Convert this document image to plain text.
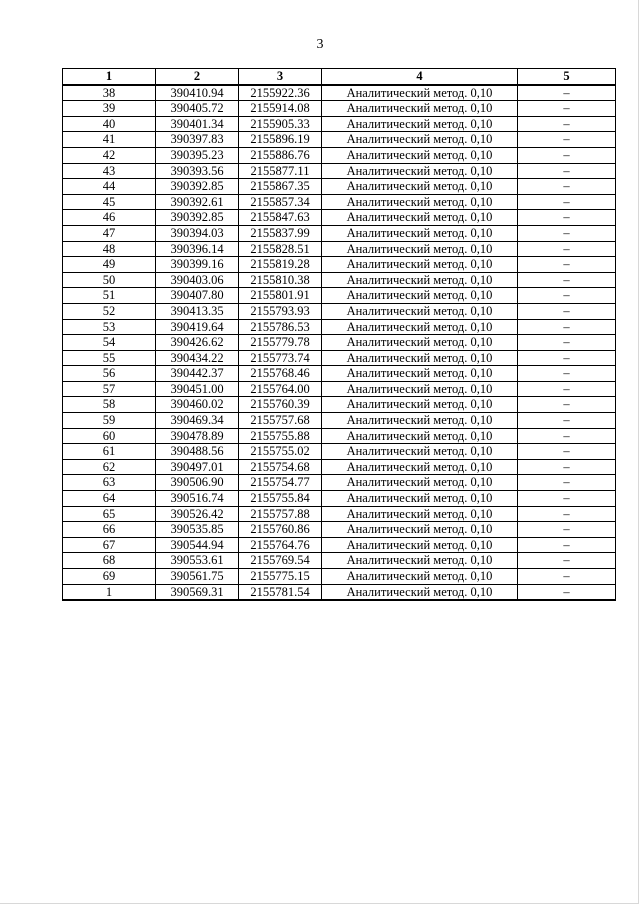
3
1	2	3	4	5
38	390410.94	2155922.36	Аналитический метод. 0,10	–
39	390405.72	2155914.08	Аналитический метод. 0,10	–
40	390401.34	2155905.33	Аналитический метод. 0,10	–
41	390397.83	2155896.19	Аналитический метод. 0,10	–
42	390395.23	2155886.76	Аналитический метод. 0,10	–
43	390393.56	2155877.11	Аналитический метод. 0,10	–
44	390392.85	2155867.35	Аналитический метод. 0,10	–
45	390392.61	2155857.34	Аналитический метод. 0,10	–
46	390392.85	2155847.63	Аналитический метод. 0,10	–
47	390394.03	2155837.99	Аналитический метод. 0,10	–
48	390396.14	2155828.51	Аналитический метод. 0,10	–
49	390399.16	2155819.28	Аналитический метод. 0,10	–
50	390403.06	2155810.38	Аналитический метод. 0,10	–
51	390407.80	2155801.91	Аналитический метод. 0,10	–
52	390413.35	2155793.93	Аналитический метод. 0,10	–
53	390419.64	2155786.53	Аналитический метод. 0,10	–
54	390426.62	2155779.78	Аналитический метод. 0,10	–
55	390434.22	2155773.74	Аналитический метод. 0,10	–
56	390442.37	2155768.46	Аналитический метод. 0,10	–
57	390451.00	2155764.00	Аналитический метод. 0,10	–
58	390460.02	2155760.39	Аналитический метод. 0,10	–
59	390469.34	2155757.68	Аналитический метод. 0,10	–
60	390478.89	2155755.88	Аналитический метод. 0,10	–
61	390488.56	2155755.02	Аналитический метод. 0,10	–
62	390497.01	2155754.68	Аналитический метод. 0,10	–
63	390506.90	2155754.77	Аналитический метод. 0,10	–
64	390516.74	2155755.84	Аналитический метод. 0,10	–
65	390526.42	2155757.88	Аналитический метод. 0,10	–
66	390535.85	2155760.86	Аналитический метод. 0,10	–
67	390544.94	2155764.76	Аналитический метод. 0,10	–
68	390553.61	2155769.54	Аналитический метод. 0,10	–
69	390561.75	2155775.15	Аналитический метод. 0,10	–
1	390569.31	2155781.54	Аналитический метод. 0,10	–
